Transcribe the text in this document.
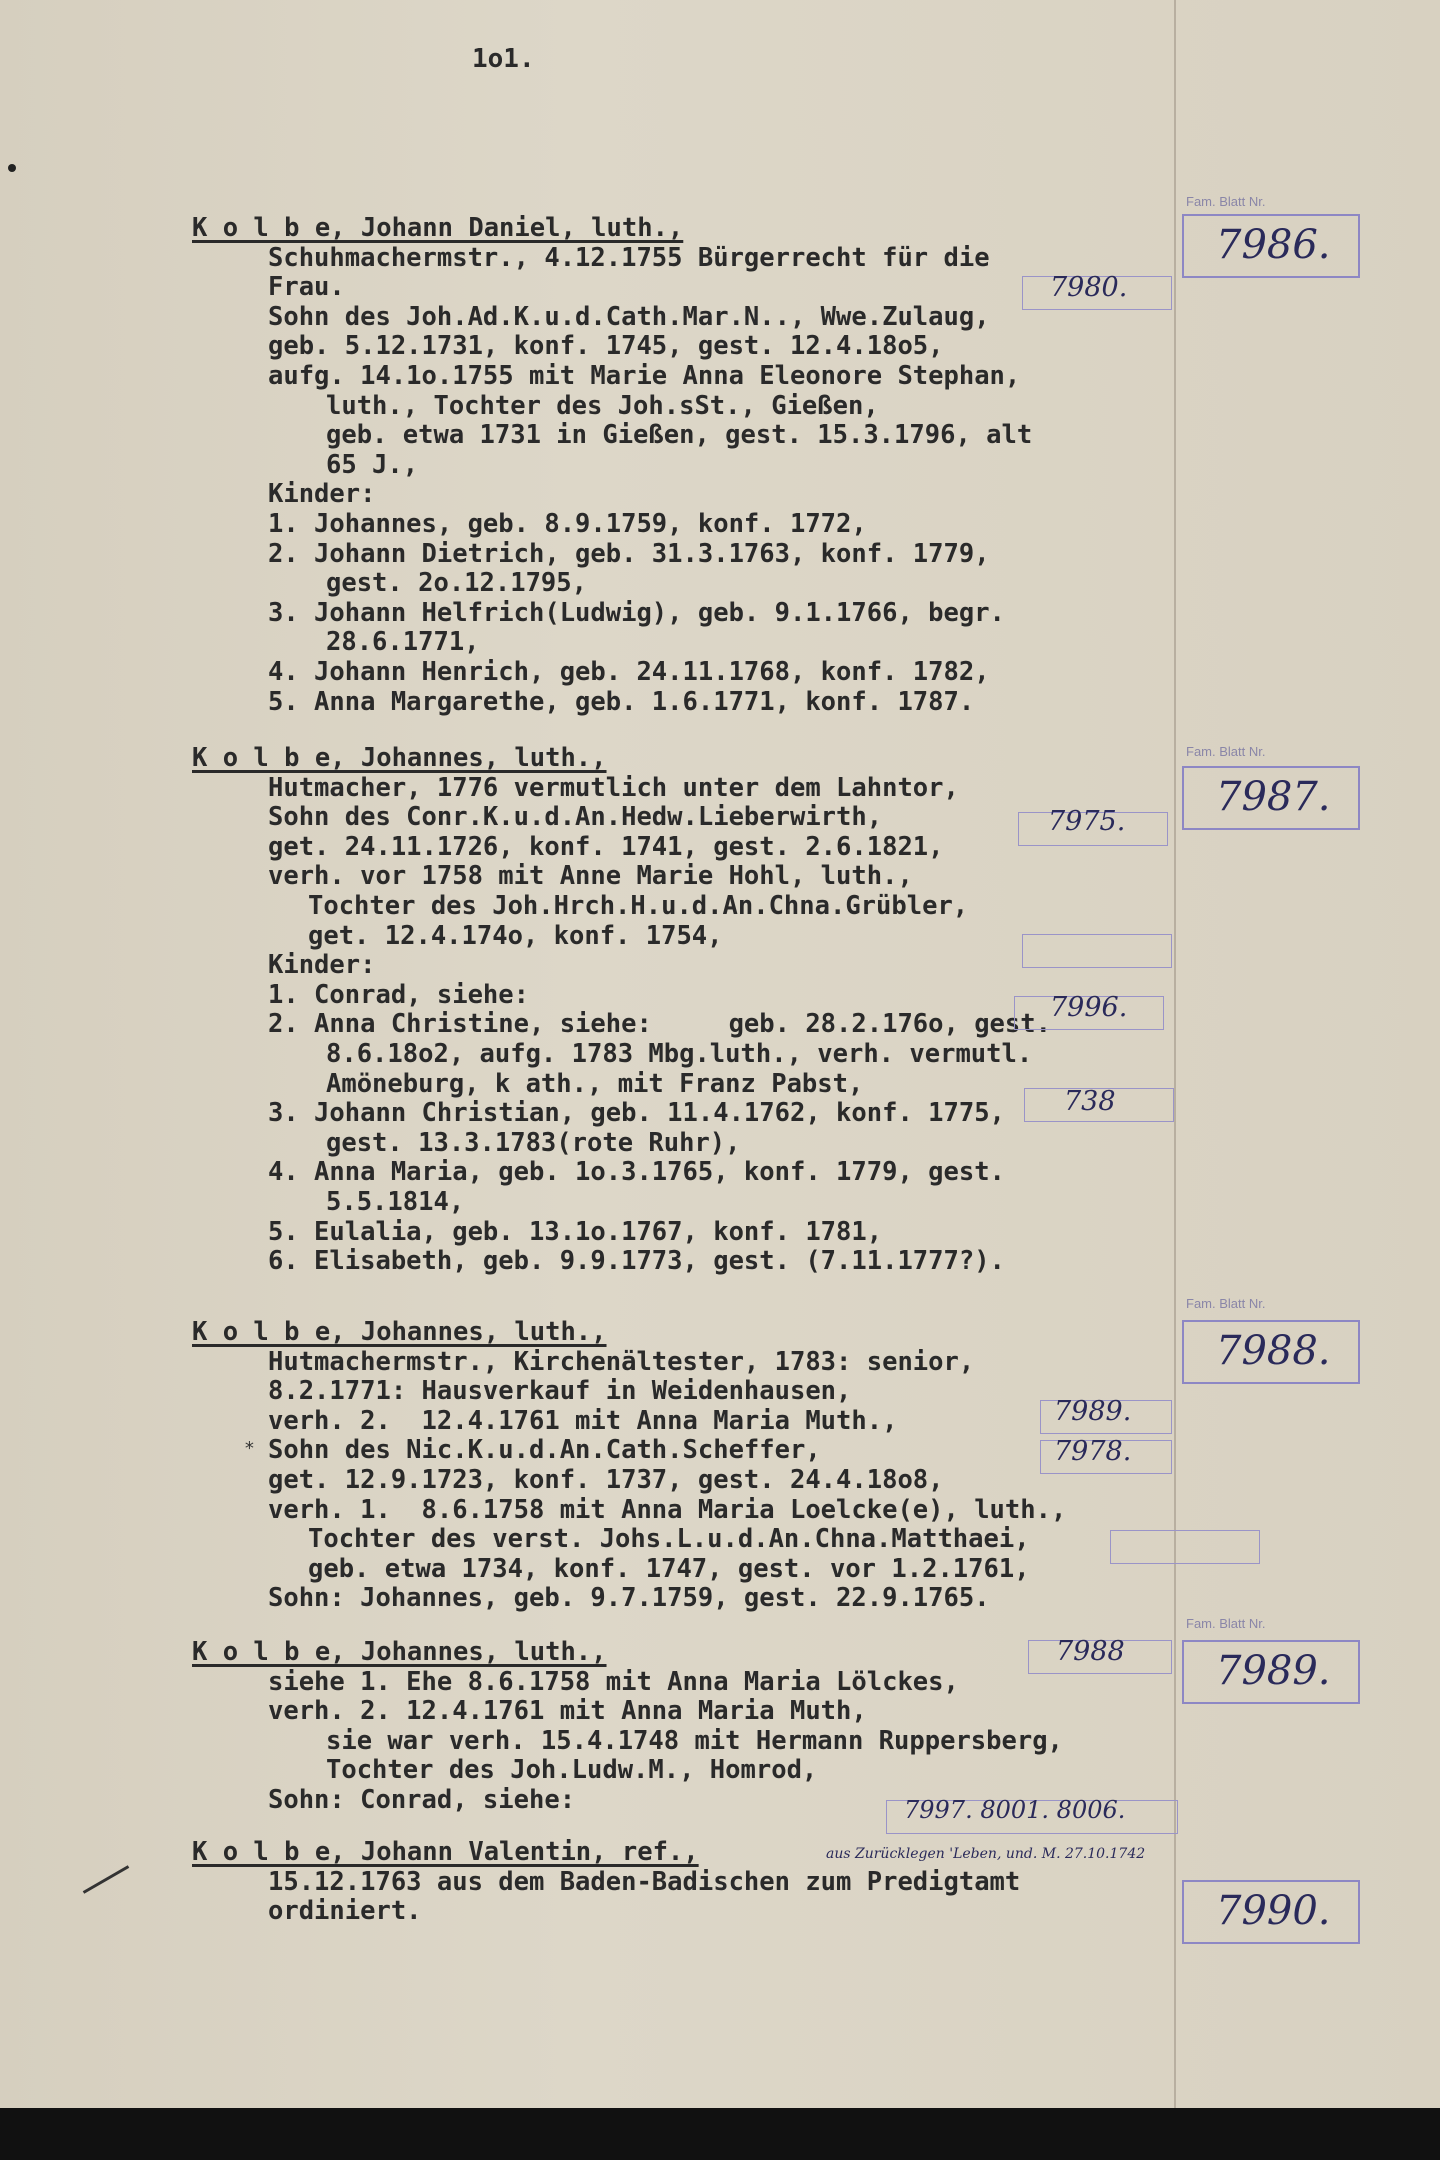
1o1.
K o l b e, Johann Daniel, luth.,
Schuhmachermstr., 4.12.1755 Bürgerrecht für die
Frau.
Sohn des Joh.Ad.K.u.d.Cath.Mar.N.., Wwe.Zulaug,
geb. 5.12.1731, konf. 1745, gest. 12.4.18o5,
aufg. 14.1o.1755 mit Marie Anna Eleonore Stephan,
luth., Tochter des Joh.sSt., Gießen,
geb. etwa 1731 in Gießen, gest. 15.3.1796, alt
65 J.,
Kinder:
1. Johannes, geb. 8.9.1759, konf. 1772,
2. Johann Dietrich, geb. 31.3.1763, konf. 1779,
gest. 2o.12.1795,
3. Johann Helfrich(Ludwig), geb. 9.1.1766, begr.
28.6.1771,
4. Johann Henrich, geb. 24.11.1768, konf. 1782,
5. Anna Margarethe, geb. 1.6.1771, konf. 1787.
Fam. Blatt Nr.
7986.
7980.
K o l b e, Johannes, luth.,
Hutmacher, 1776 vermutlich unter dem Lahntor,
Sohn des Conr.K.u.d.An.Hedw.Lieberwirth,
get. 24.11.1726, konf. 1741, gest. 2.6.1821,
verh. vor 1758 mit Anne Marie Hohl, luth.,
Tochter des Joh.Hrch.H.u.d.An.Chna.Grübler,
get. 12.4.174o, konf. 1754,
Kinder:
1. Conrad, siehe:
2. Anna Christine, siehe:     geb. 28.2.176o, gest.
8.6.18o2, aufg. 1783 Mbg.luth., verh. vermutl.
Amöneburg, k ath., mit Franz Pabst,
3. Johann Christian, geb. 11.4.1762, konf. 1775,
gest. 13.3.1783(rote Ruhr),
4. Anna Maria, geb. 1o.3.1765, konf. 1779, gest.
5.5.1814,
5. Eulalia, geb. 13.1o.1767, konf. 1781,
6. Elisabeth, geb. 9.9.1773, gest. (7.11.1777?).
Fam. Blatt Nr.
7987.
7975.
7996.
738
K o l b e, Johannes, luth.,
Hutmachermstr., Kirchenältester, 1783: senior,
8.2.1771: Hausverkauf in Weidenhausen,
verh. 2.  12.4.1761 mit Anna Maria Muth.,
Sohn des Nic.K.u.d.An.Cath.Scheffer,
get. 12.9.1723, konf. 1737, gest. 24.4.18o8,
verh. 1.  8.6.1758 mit Anna Maria Loelcke(e), luth.,
Tochter des verst. Johs.L.u.d.An.Chna.Matthaei,
geb. etwa 1734, konf. 1747, gest. vor 1.2.1761,
Sohn: Johannes, geb. 9.7.1759, gest. 22.9.1765.
*
Fam. Blatt Nr.
7988.
7989.
7978.
K o l b e, Johannes, luth.,
siehe 1. Ehe 8.6.1758 mit Anna Maria Lölckes,
verh. 2. 12.4.1761 mit Anna Maria Muth,
sie war verh. 15.4.1748 mit Hermann Ruppersberg,
Tochter des Joh.Ludw.M., Homrod,
Sohn: Conrad, siehe:
Fam. Blatt Nr.
7989.
7988
7997. 8001. 8006.
K o l b e, Johann Valentin, ref.,
15.12.1763 aus dem Baden-Badischen zum Predigtamt
ordiniert.
aus Zurücklegen 'Leben, und. M. 27.10.1742
7990.
